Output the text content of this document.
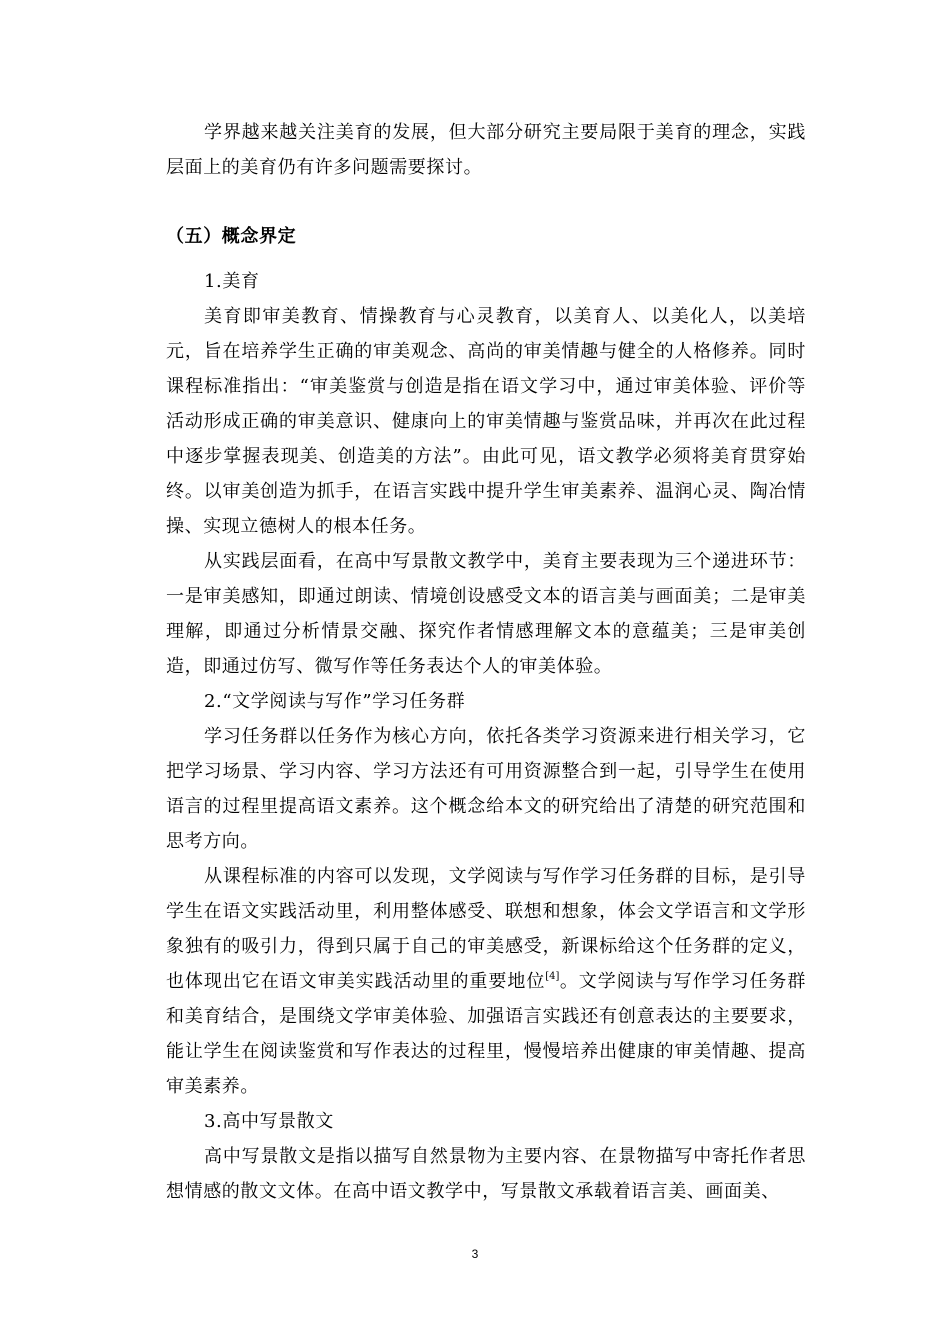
学界越来越关注美育的发展，但大部分研究主要局限于美育的理念，实践层面上的美育仍有许多问题需要探讨。

（五）概念界定

1.美育

美育即审美教育、情操教育与心灵教育，以美育人、以美化人，以美培元，旨在培养学生正确的审美观念、高尚的审美情趣与健全的人格修养。同时课程标准指出：“审美鉴赏与创造是指在语文学习中，通过审美体验、评价等活动形成正确的审美意识、健康向上的审美情趣与鉴赏品味，并再次在此过程中逐步掌握表现美、创造美的方法”。由此可见，语文教学必须将美育贯穿始终。以审美创造为抓手，在语言实践中提升学生审美素养、温润心灵、陶冶情操、实现立德树人的根本任务。

从实践层面看，在高中写景散文教学中，美育主要表现为三个递进环节：一是审美感知，即通过朗读、情境创设感受文本的语言美与画面美；二是审美理解，即通过分析情景交融、探究作者情感理解文本的意蕴美；三是审美创造，即通过仿写、微写作等任务表达个人的审美体验。

2.“文学阅读与写作”学习任务群

学习任务群以任务作为核心方向，依托各类学习资源来进行相关学习，它把学习场景、学习内容、学习方法还有可用资源整合到一起，引导学生在使用语言的过程里提高语文素养。这个概念给本文的研究给出了清楚的研究范围和思考方向。

从课程标准的内容可以发现，文学阅读与写作学习任务群的目标，是引导学生在语文实践活动里，利用整体感受、联想和想象，体会文学语言和文学形象独有的吸引力，得到只属于自己的审美感受，新课标给这个任务群的定义，也体现出它在语文审美实践活动里的重要地位[4]。文学阅读与写作学习任务群和美育结合，是围绕文学审美体验、加强语言实践还有创意表达的主要要求，能让学生在阅读鉴赏和写作表达的过程里，慢慢培养出健康的审美情趣、提高审美素养。

3.高中写景散文

高中写景散文是指以描写自然景物为主要内容、在景物描写中寄托作者思想情感的散文文体。在高中语文教学中，写景散文承载着语言美、画面美、

3
